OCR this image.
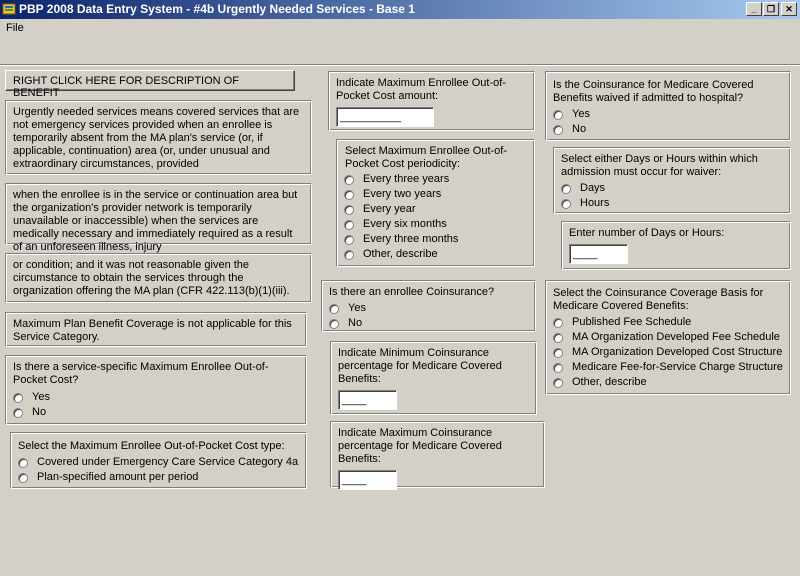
PBP 2008 Data Entry System - #4b Urgently Needed Services - Base 1	_	❐	✕
File
RIGHT CLICK HERE FOR DESCRIPTION OF BENEFIT
Urgently needed services means covered services that are not emergency services provided when an enrollee is temporarily absent from the MA plan's service (or, if applicable, continuation) area (or, under unusual and extraordinary circumstances, provided
when the enrollee is in the service or continuation area but the organization's provider network is temporarily unavailable or inaccessible) when the services are medically necessary and immediately required as a result of an unforeseen illness, injury
or condition; and it was not reasonable given the circumstance to obtain the services through the organization offering the MA plan (CFR 422.113(b)(1)(iii).
Maximum Plan Benefit Coverage is not applicable for this Service Category.
Is there a service-specific Maximum Enrollee Out-of-Pocket Cost?
Yes
No
Select the Maximum Enrollee Out-of-Pocket Cost type:
Covered under Emergency Care Service Category 4a
Plan-specified amount per period
Indicate Maximum Enrollee Out-of-Pocket Cost amount:
__________
Select Maximum Enrollee Out-of-Pocket Cost periodicity:
Every three years
Every two years
Every year
Every six months
Every three months
Other, describe
Is there an enrollee Coinsurance?
Yes
No
Indicate Minimum Coinsurance percentage for Medicare Covered Benefits:
____
Indicate Maximum Coinsurance percentage for Medicare Covered Benefits:
____
Is the Coinsurance for Medicare Covered Benefits waived if admitted to hospital?
Yes
No
Select either Days or Hours within which admission must occur for waiver:
Days
Hours
Enter number of Days or Hours:
____
Select the Coinsurance Coverage Basis for Medicare Covered Benefits:
Published Fee Schedule
MA Organization Developed Fee Schedule
MA Organization Developed Cost Structure
Medicare Fee-for-Service Charge Structure
Other, describe
